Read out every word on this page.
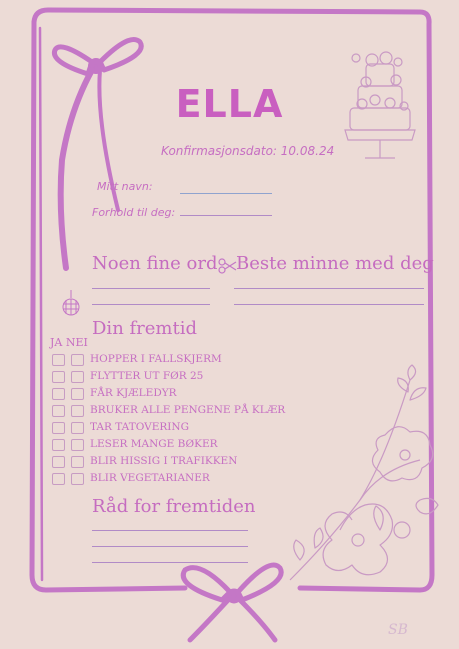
ELLA
Konfirmasjonsdato: 10.08.24
Mitt navn:
Forhold til deg:
Noen fine ord Beste minne med deg
Din fremtid
JA NEI
HOPPER I FALLSKJERM
FLYTTER UT FØR 25
FÅR KJÆLEDYR
BRUKER ALLE PENGENE PÅ KLÆR
TAR TATOVERING
LESER MANGE BØKER
BLIR HISSIG I TRAFIKKEN
BLIR VEGETARIANER
Råd for fremtiden
SB
